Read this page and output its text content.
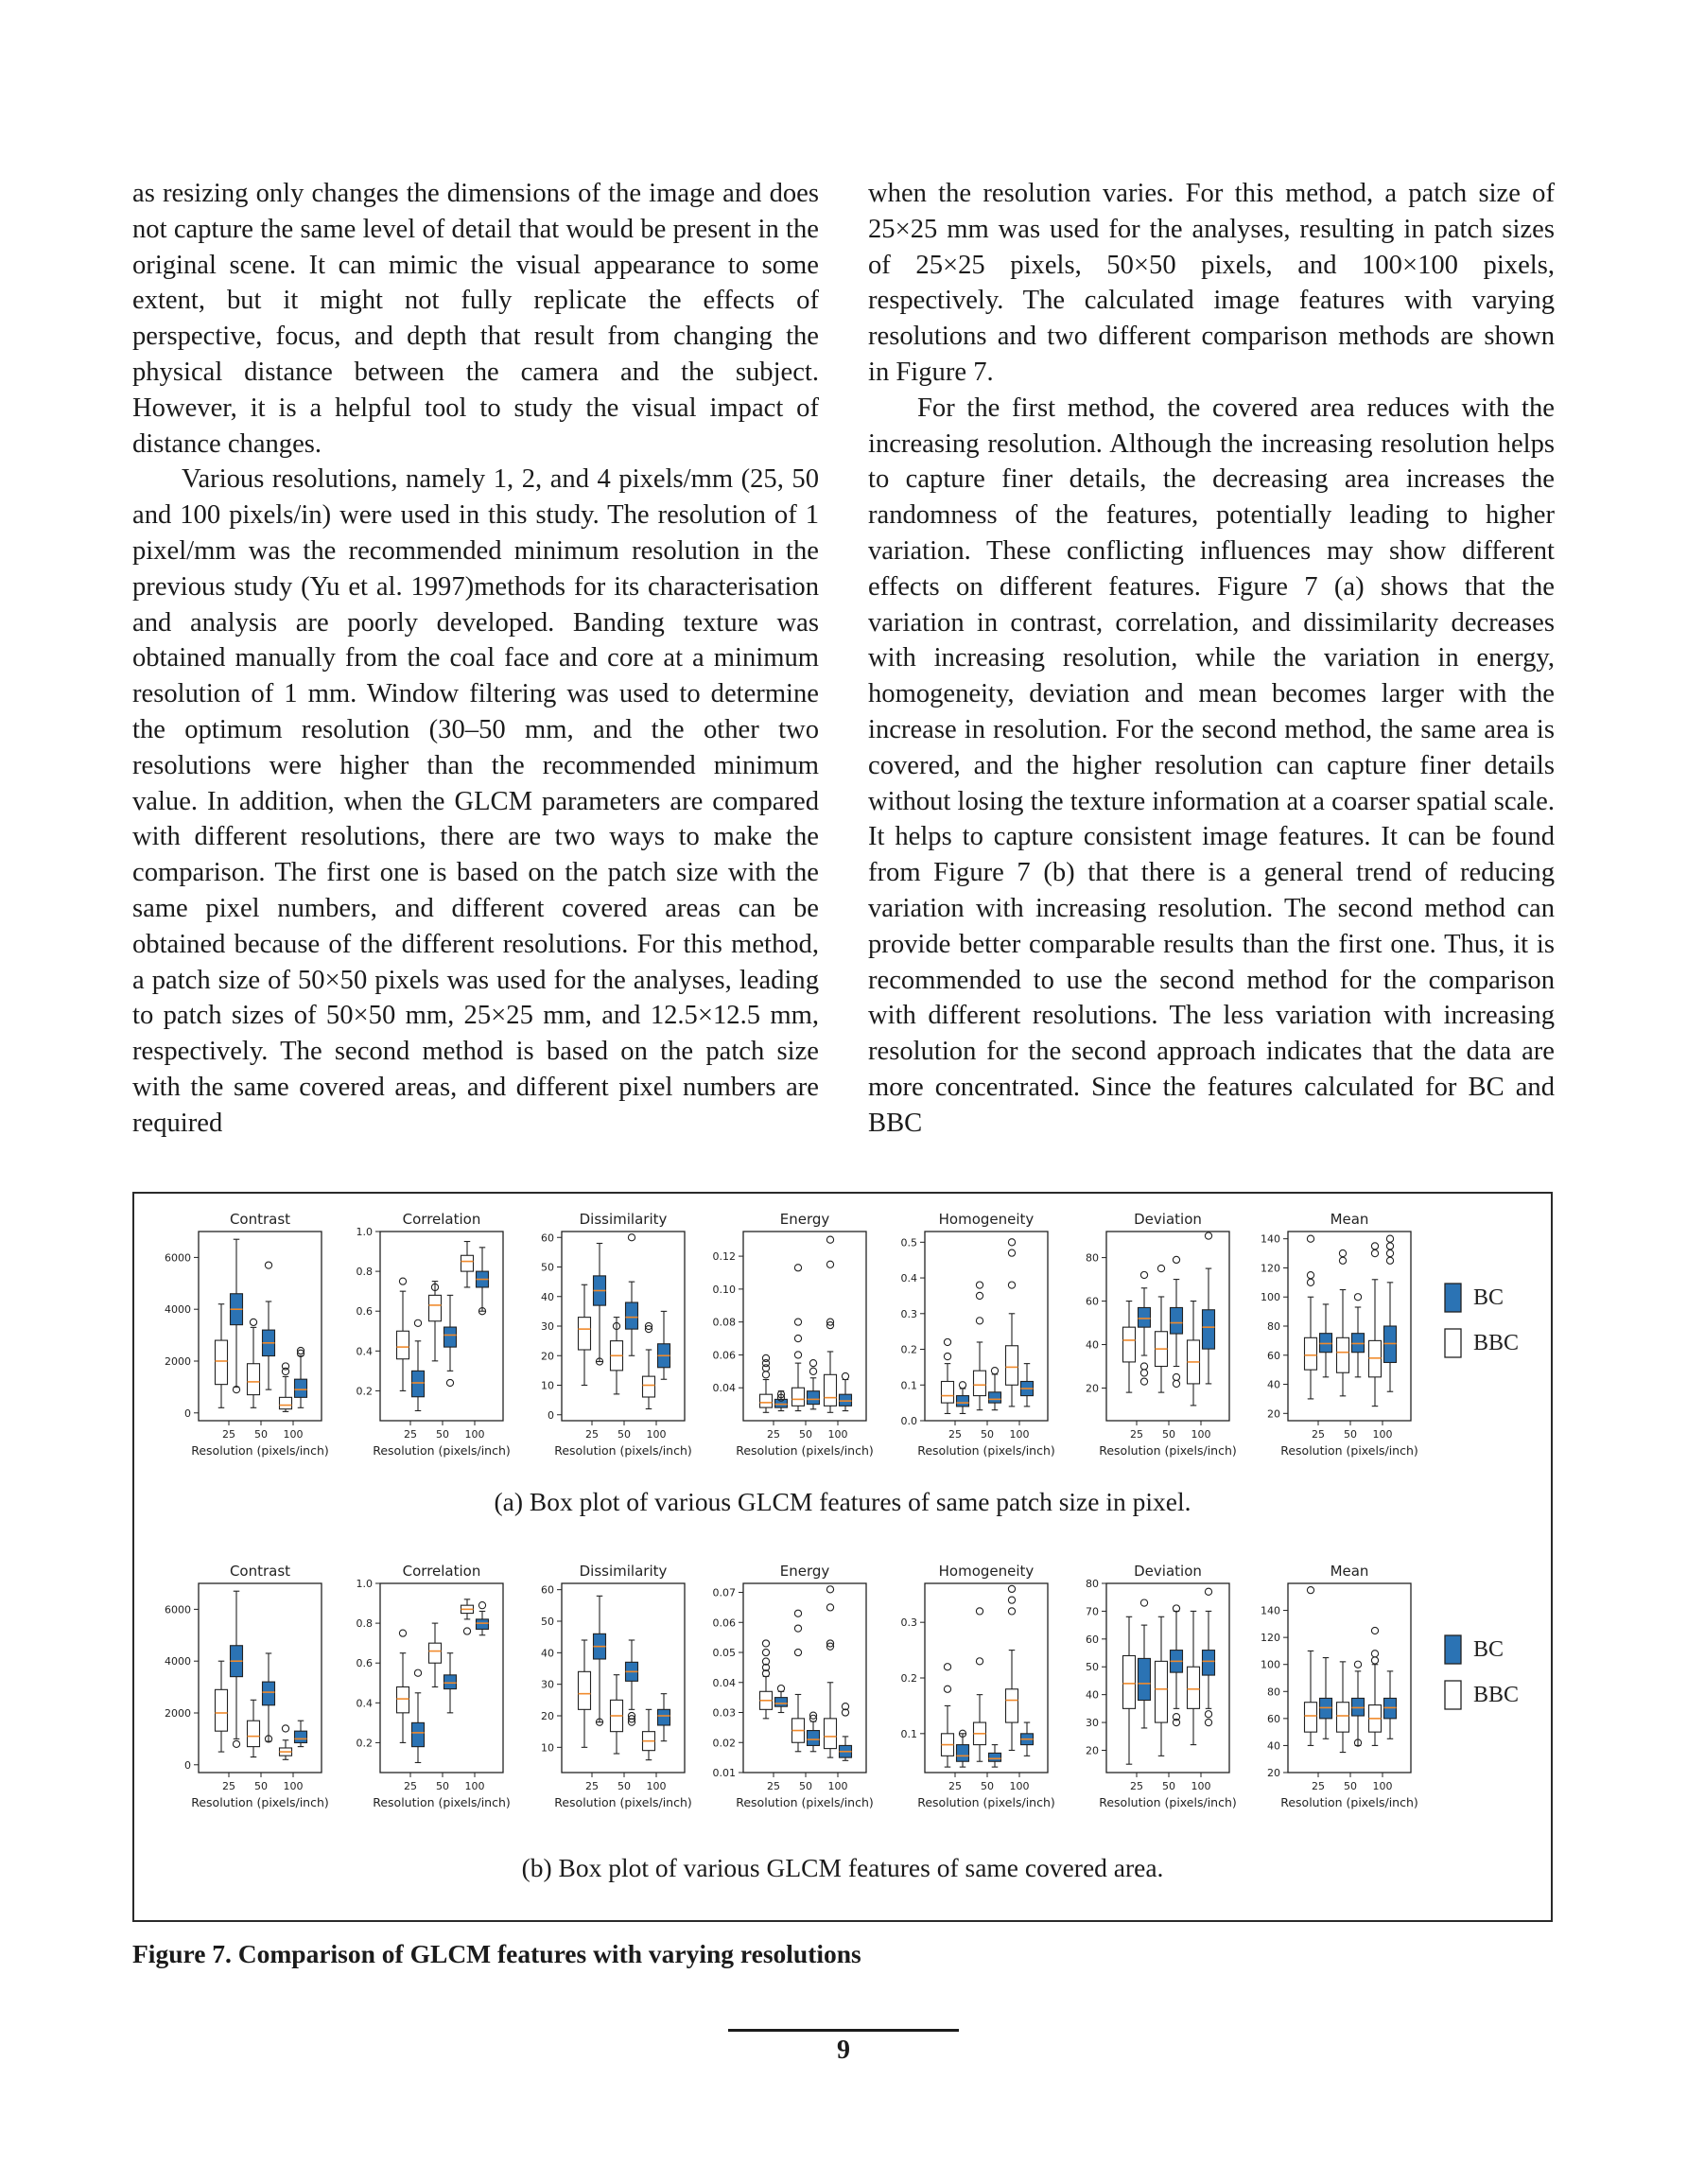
as resizing only changes the dimensions of the image and does not capture the same level of detail that would be present in the original scene. It can mimic the visual appearance to some extent, but it might not fully replicate the effects of perspective, focus, and depth that result from changing the physical distance between the camera and the subject. However, it is a helpful tool to study the visual impact of distance changes.

Various resolutions, namely 1, 2, and 4 pixels/mm (25, 50 and 100 pixels/in) were used in this study. The resolution of 1 pixel/mm was the recommended minimum resolution in the previous study (Yu et al. 1997)methods for its characterisation and analysis are poorly developed. Banding texture was obtained manually from the coal face and core at a minimum resolution of 1 mm. Window filtering was used to determine the optimum resolution (30–50 mm, and the other two resolutions were higher than the recommended minimum value. In addition, when the GLCM parameters are compared with different resolutions, there are two ways to make the comparison. The first one is based on the patch size with the same pixel numbers, and different covered areas can be obtained because of the different resolutions. For this method, a patch size of 50×50 pixels was used for the analyses, leading to patch sizes of 50×50 mm, 25×25 mm, and 12.5×12.5 mm, respectively. The second method is based on the patch size with the same covered areas, and different pixel numbers are required

when the resolution varies. For this method, a patch size of 25×25 mm was used for the analyses, resulting in patch sizes of 25×25 pixels, 50×50 pixels, and 100×100 pixels, respectively. The calculated image features with varying resolutions and two different comparison methods are shown in Figure 7.

For the first method, the covered area reduces with the increasing resolution. Although the increasing resolution helps to capture finer details, the decreasing area increases the randomness of the features, potentially leading to higher variation. These conflicting influences may show different effects on different features. Figure 7 (a) shows that the variation in contrast, correlation, and dissimilarity decreases with increasing resolution, while the variation in energy, homogeneity, deviation and mean becomes larger with the increase in resolution. For the second method, the same area is covered, and the higher resolution can capture finer details without losing the texture information at a coarser spatial scale. It helps to capture consistent image features. It can be found from Figure 7 (b) that there is a general trend of reducing variation with increasing resolution. The second method can provide better comparable results than the first one. Thus, it is recommended to use the second method for the comparison with different resolutions. The less variation with increasing resolution for the second approach indicates that the data are more concentrated. Since the features calculated for BC and BBC

Contrast
0
2000
4000
6000
25 50 100
Resolution (pixels/inch)
Correlation
0.2
0.4
0.6
0.8
1.0
25 50 100
Resolution (pixels/inch)
Dissimilarity
0
10
20
30
40
50
60
25 50 100
Resolution (pixels/inch)
Energy
0.04
0.06
0.08
0.10
0.12
25 50 100
Resolution (pixels/inch)
Homogeneity
0.0
0.1
0.2
0.3
0.4
0.5
25 50 100
Resolution (pixels/inch)
Deviation
20
40
60
80
25 50 100
Resolution (pixels/inch)
Mean
20
40
60
80
100
120
140
25 50 100
Resolution (pixels/inch)
BC
BBC
(a) Box plot of various GLCM features of same patch size in pixel.
Contrast
0
2000
4000
6000
25 50 100
Resolution (pixels/inch)
Correlation
0.2
0.4
0.6
0.8
1.0
25 50 100
Resolution (pixels/inch)
Dissimilarity
10
20
30
40
50
60
25 50 100
Resolution (pixels/inch)
Energy
0.01
0.02
0.03
0.04
0.05
0.06
0.07
25 50 100
Resolution (pixels/inch)
Homogeneity
0.1
0.2
0.3
25 50 100
Resolution (pixels/inch)
Deviation
20
30
40
50
60
70
80
25 50 100
Resolution (pixels/inch)
Mean
20
40
60
80
100
120
140
25 50 100
Resolution (pixels/inch)
BC
BBC
(b) Box plot of various GLCM features of same covered area.
Figure 7. Comparison of GLCM features with varying resolutions
9
